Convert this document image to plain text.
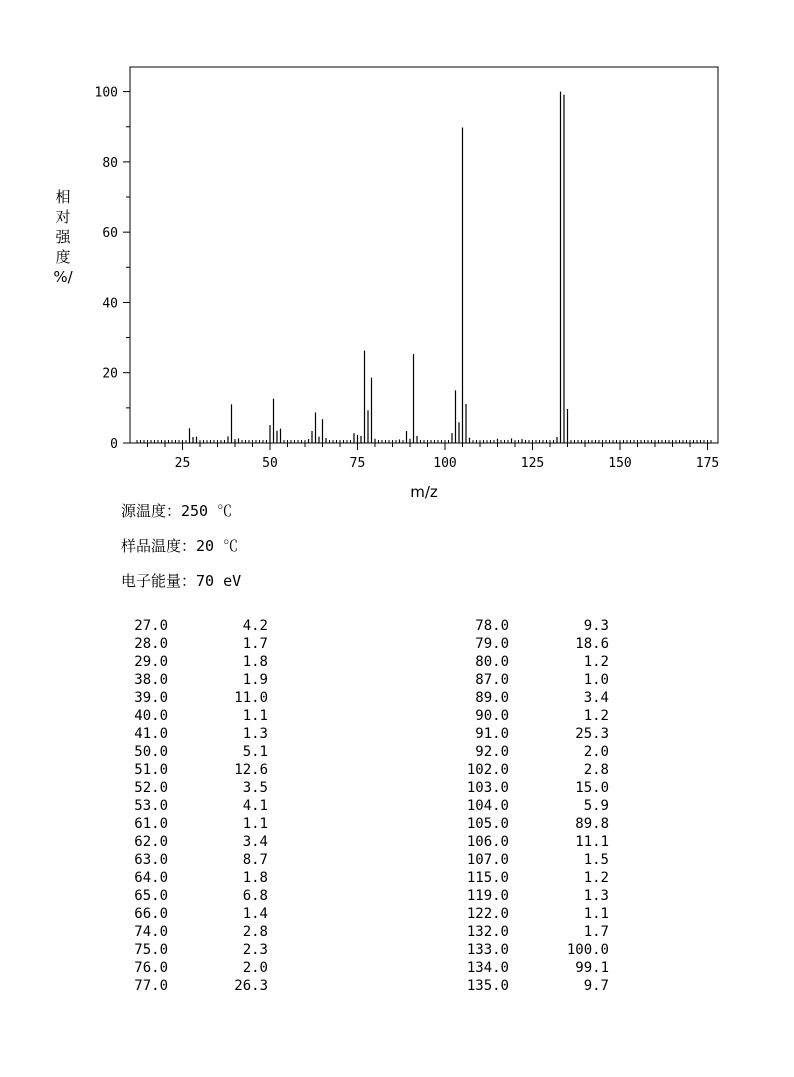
25	50	75	100	125	150	175
0
20
40
60
80
100
m/z
相
对
强
度
%/
源温度：250 ℃
样品温度：20 ℃
电子能量：70 eV
27.0	4.2
28.0	1.7
29.0	1.8
38.0	1.9
39.0	11.0
40.0	1.1
41.0	1.3
50.0	5.1
51.0	12.6
52.0	3.5
53.0	4.1
61.0	1.1
62.0	3.4
63.0	8.7
64.0	1.8
65.0	6.8
66.0	1.4
74.0	2.8
75.0	2.3
76.0	2.0
77.0	26.3
78.0	9.3
79.0	18.6
80.0	1.2
87.0	1.0
89.0	3.4
90.0	1.2
91.0	25.3
92.0	2.0
102.0	2.8
103.0	15.0
104.0	5.9
105.0	89.8
106.0	11.1
107.0	1.5
115.0	1.2
119.0	1.3
122.0	1.1
132.0	1.7
133.0	100.0
134.0	99.1
135.0	9.7
